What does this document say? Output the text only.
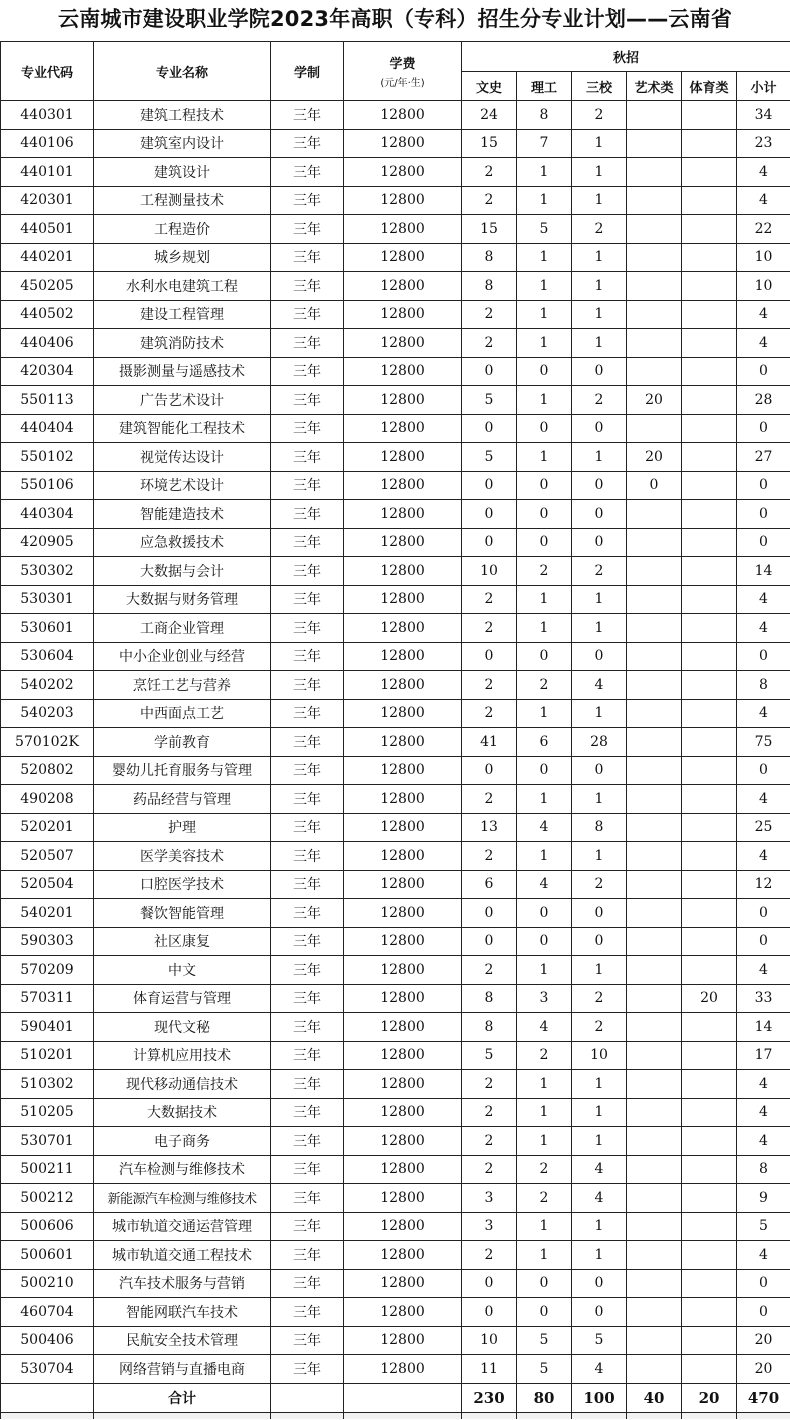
云南城市建设职业学院2023年高职（专科）招生分专业计划——云南省
专业代码	专业名称	学制	学费
(元/年·生)	秋招					
				文史	理工	三校	艺术类	体育类	小计
440301	建筑工程技术	三年	12800	24	8	2			34
440106	建筑室内设计	三年	12800	15	7	1			23
440101	建筑设计	三年	12800	2	1	1			4
420301	工程测量技术	三年	12800	2	1	1			4
440501	工程造价	三年	12800	15	5	2			22
440201	城乡规划	三年	12800	8	1	1			10
450205	水利水电建筑工程	三年	12800	8	1	1			10
440502	建设工程管理	三年	12800	2	1	1			4
440406	建筑消防技术	三年	12800	2	1	1			4
420304	摄影测量与遥感技术	三年	12800	0	0	0			0
550113	广告艺术设计	三年	12800	5	1	2	20		28
440404	建筑智能化工程技术	三年	12800	0	0	0			0
550102	视觉传达设计	三年	12800	5	1	1	20		27
550106	环境艺术设计	三年	12800	0	0	0	0		0
440304	智能建造技术	三年	12800	0	0	0			0
420905	应急救援技术	三年	12800	0	0	0			0
530302	大数据与会计	三年	12800	10	2	2			14
530301	大数据与财务管理	三年	12800	2	1	1			4
530601	工商企业管理	三年	12800	2	1	1			4
530604	中小企业创业与经营	三年	12800	0	0	0			0
540202	烹饪工艺与营养	三年	12800	2	2	4			8
540203	中西面点工艺	三年	12800	2	1	1			4
570102K	学前教育	三年	12800	41	6	28			75
520802	婴幼儿托育服务与管理	三年	12800	0	0	0			0
490208	药品经营与管理	三年	12800	2	1	1			4
520201	护理	三年	12800	13	4	8			25
520507	医学美容技术	三年	12800	2	1	1			4
520504	口腔医学技术	三年	12800	6	4	2			12
540201	餐饮智能管理	三年	12800	0	0	0			0
590303	社区康复	三年	12800	0	0	0			0
570209	中文	三年	12800	2	1	1			4
570311	体育运营与管理	三年	12800	8	3	2		20	33
590401	现代文秘	三年	12800	8	4	2			14
510201	计算机应用技术	三年	12800	5	2	10			17
510302	现代移动通信技术	三年	12800	2	1	1			4
510205	大数据技术	三年	12800	2	1	1			4
530701	电子商务	三年	12800	2	1	1			4
500211	汽车检测与维修技术	三年	12800	2	2	4			8
500212	新能源汽车检测与维修技术	三年	12800	3	2	4			9
500606	城市轨道交通运营管理	三年	12800	3	1	1			5
500601	城市轨道交通工程技术	三年	12800	2	1	1			4
500210	汽车技术服务与营销	三年	12800	0	0	0			0
460704	智能网联汽车技术	三年	12800	0	0	0			0
500406	民航安全技术管理	三年	12800	10	5	5			20
530704	网络营销与直播电商	三年	12800	11	5	4			20
	合计			230	80	100	40	20	470
